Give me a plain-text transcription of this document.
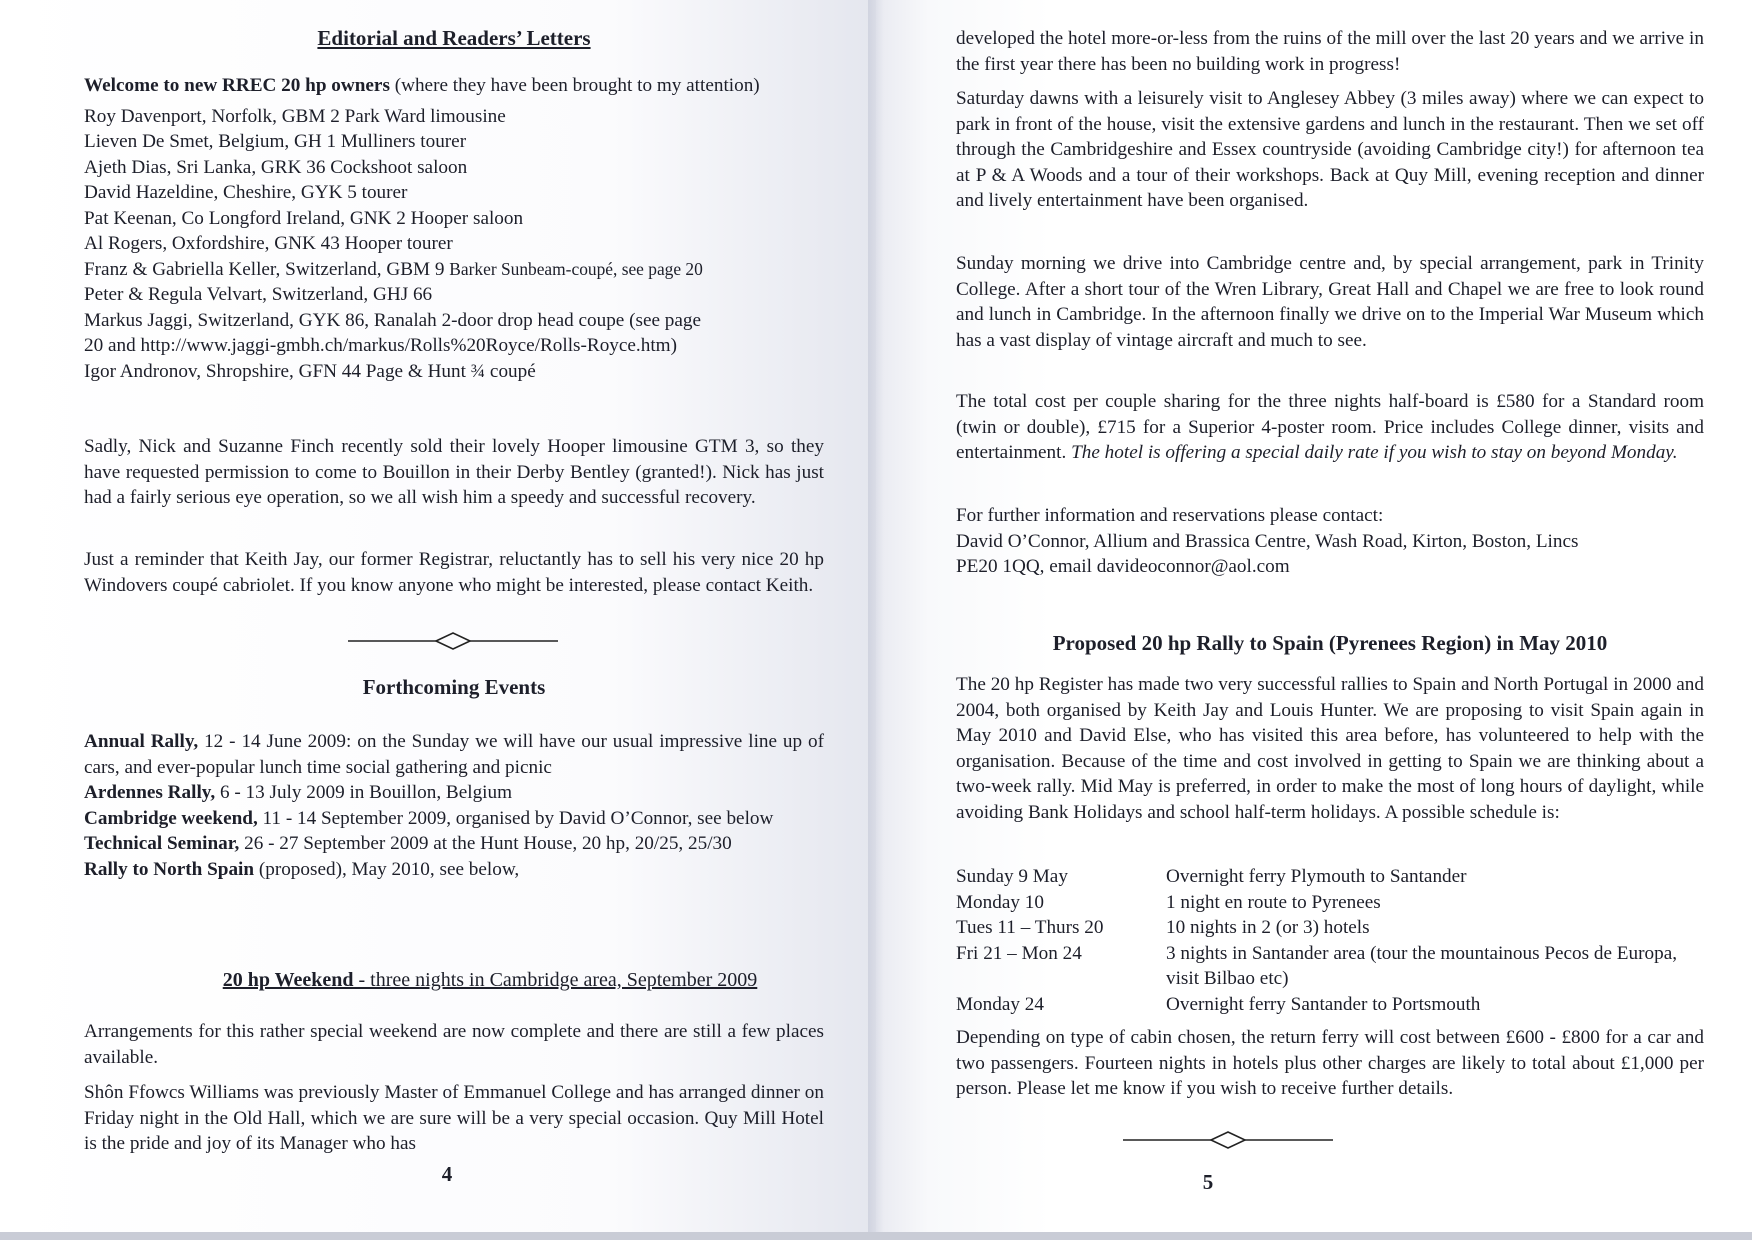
Editorial and Readers’ Letters

Welcome to new RREC 20 hp owners (where they have been brought to my attention)

Roy Davenport, Norfolk, GBM 2 Park Ward limousine
Lieven De Smet, Belgium, GH 1 Mulliners tourer
Ajeth Dias, Sri Lanka, GRK 36 Cockshoot saloon
David Hazeldine, Cheshire, GYK 5 tourer
Pat Keenan, Co Longford Ireland, GNK 2 Hooper saloon
Al Rogers, Oxfordshire, GNK 43 Hooper tourer
Franz & Gabriella Keller, Switzerland, GBM 9 Barker Sunbeam-coupé, see page 20
Peter & Regula Velvart, Switzerland, GHJ 66
Markus Jaggi, Switzerland, GYK 86, Ranalah 2-door drop head coupe (see page
20 and http://www.jaggi-gmbh.ch/markus/Rolls%20Royce/Rolls-Royce.htm)
Igor Andronov, Shropshire, GFN 44 Page & Hunt ¾ coupé

Sadly, Nick and Suzanne Finch recently sold their lovely Hooper limousine GTM 3, so they have requested permission to come to Bouillon in their Derby Bentley (granted!). Nick has just had a fairly serious eye operation, so we all wish him a speedy and successful recovery.

Just a reminder that Keith Jay, our former Registrar, reluctantly has to sell his very nice 20 hp Windovers coupé cabriolet. If you know anyone who might be interested, please contact Keith.

Forthcoming Events

Annual Rally, 12 - 14 June 2009: on the Sunday we will have our usual impressive line up of cars, and ever-popular lunch time social gathering and picnic

Ardennes Rally, 6 - 13 July 2009 in Bouillon, Belgium

Cambridge weekend, 11 - 14 September 2009, organised by David O’Connor, see below

Technical Seminar, 26 - 27 September 2009 at the Hunt House, 20 hp, 20/25, 25/30

Rally to North Spain (proposed), May 2010, see below,

20 hp Weekend - three nights in Cambridge area, September 2009

Arrangements for this rather special weekend are now complete and there are still a few places available.

Shôn Ffowcs Williams was previously Master of Emmanuel College and has arranged dinner on Friday night in the Old Hall, which we are sure will be a very special occasion. Quy Mill Hotel is the pride and joy of its Manager who has

4

developed the hotel more-or-less from the ruins of the mill over the last 20 years and we arrive in the first year there has been no building work in progress!

Saturday dawns with a leisurely visit to Anglesey Abbey (3 miles away) where we can expect to park in front of the house, visit the extensive gardens and lunch in the restaurant. Then we set off through the Cambridgeshire and Essex countryside (avoiding Cambridge city!) for afternoon tea at P & A Woods and a tour of their workshops. Back at Quy Mill, evening reception and dinner and lively entertainment have been organised.

Sunday morning we drive into Cambridge centre and, by special arrangement, park in Trinity College. After a short tour of the Wren Library, Great Hall and Chapel we are free to look round and lunch in Cambridge. In the afternoon finally we drive on to the Imperial War Museum which has a vast display of vintage aircraft and much to see.

The total cost per couple sharing for the three nights half-board is £580 for a Standard room (twin or double), £715 for a Superior 4-poster room. Price includes College dinner, visits and entertainment. The hotel is offering a special daily rate if you wish to stay on beyond Monday.

For further information and reservations please contact:
David O’Connor, Allium and Brassica Centre, Wash Road, Kirton, Boston, Lincs
PE20 1QQ, email davideoconnor@aol.com
Proposed 20 hp Rally to Spain (Pyrenees Region) in May 2010

The 20 hp Register has made two very successful rallies to Spain and North Portugal in 2000 and 2004, both organised by Keith Jay and Louis Hunter. We are proposing to visit Spain again in May 2010 and David Else, who has visited this area before, has volunteered to help with the organisation. Because of the time and cost involved in getting to Spain we are thinking about a two-week rally. Mid May is preferred, in order to make the most of long hours of daylight, while avoiding Bank Holidays and school half-term holidays. A possible schedule is:

Sunday 9 May	Overnight ferry Plymouth to Santander
Monday 10	1 night en route to Pyrenees
Tues 11 – Thurs 20	10 nights in 2 (or 3) hotels
Fri 21 – Mon 24	3 nights in Santander area (tour the mountainous Pecos de Europa, visit Bilbao etc)
Monday 24	Overnight ferry Santander to Portsmouth

Depending on type of cabin chosen, the return ferry will cost between £600 - £800 for a car and two passengers. Fourteen nights in hotels plus other charges are likely to total about £1,000 per person. Please let me know if you wish to receive further details.

5
